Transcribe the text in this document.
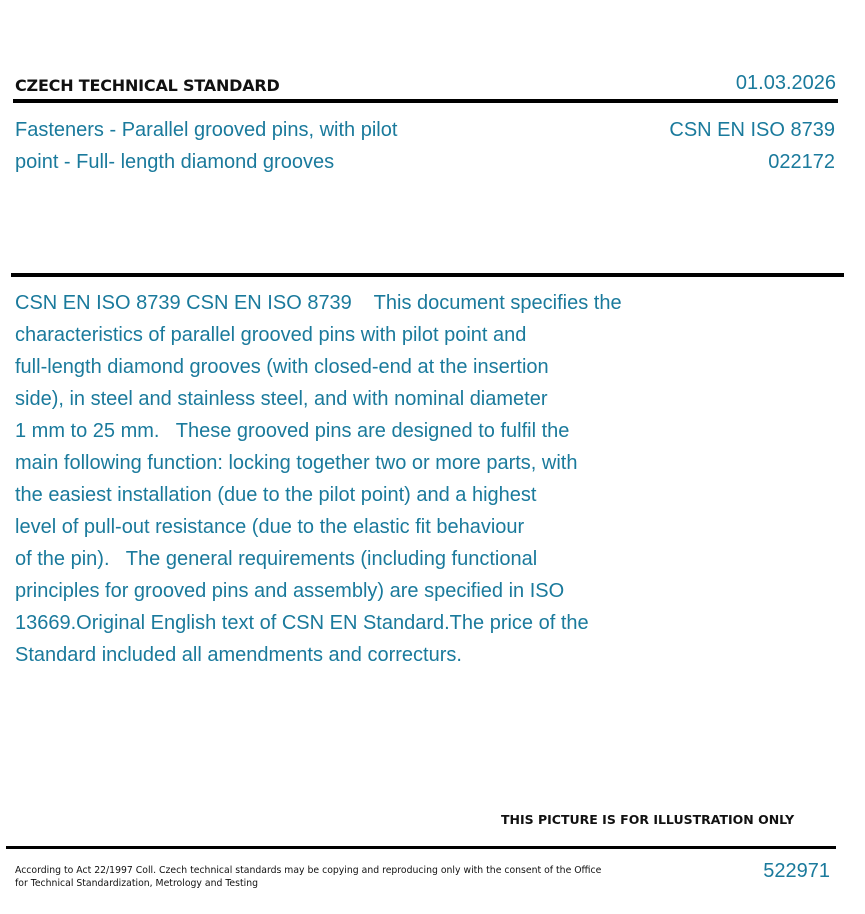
CZECH TECHNICAL STANDARD	01.03.2026
Fasteners - Parallel grooved pins, with pilot
point - Full- length diamond grooves
CSN EN ISO 8739
022172
CSN EN ISO 8739 CSN EN ISO 8739    This document specifies the
characteristics of parallel grooved pins with pilot point and
full-length diamond grooves (with closed-end at the insertion
side), in steel and stainless steel, and with nominal diameter
1 mm to 25 mm.   These grooved pins are designed to fulfil the
main following function: locking together two or more parts, with
the easiest installation (due to the pilot point) and a highest
level of pull-out resistance (due to the elastic fit behaviour
of the pin).   The general requirements (including functional
principles for grooved pins and assembly) are specified in ISO
13669.Original English text of CSN EN Standard.The price of the
Standard included all amendments and correcturs.
THIS PICTURE IS FOR ILLUSTRATION ONLY
According to Act 22/1997 Coll. Czech technical standards may be copying and reproducing only with the consent of the Office
for Technical Standardization, Metrology and Testing
522971
